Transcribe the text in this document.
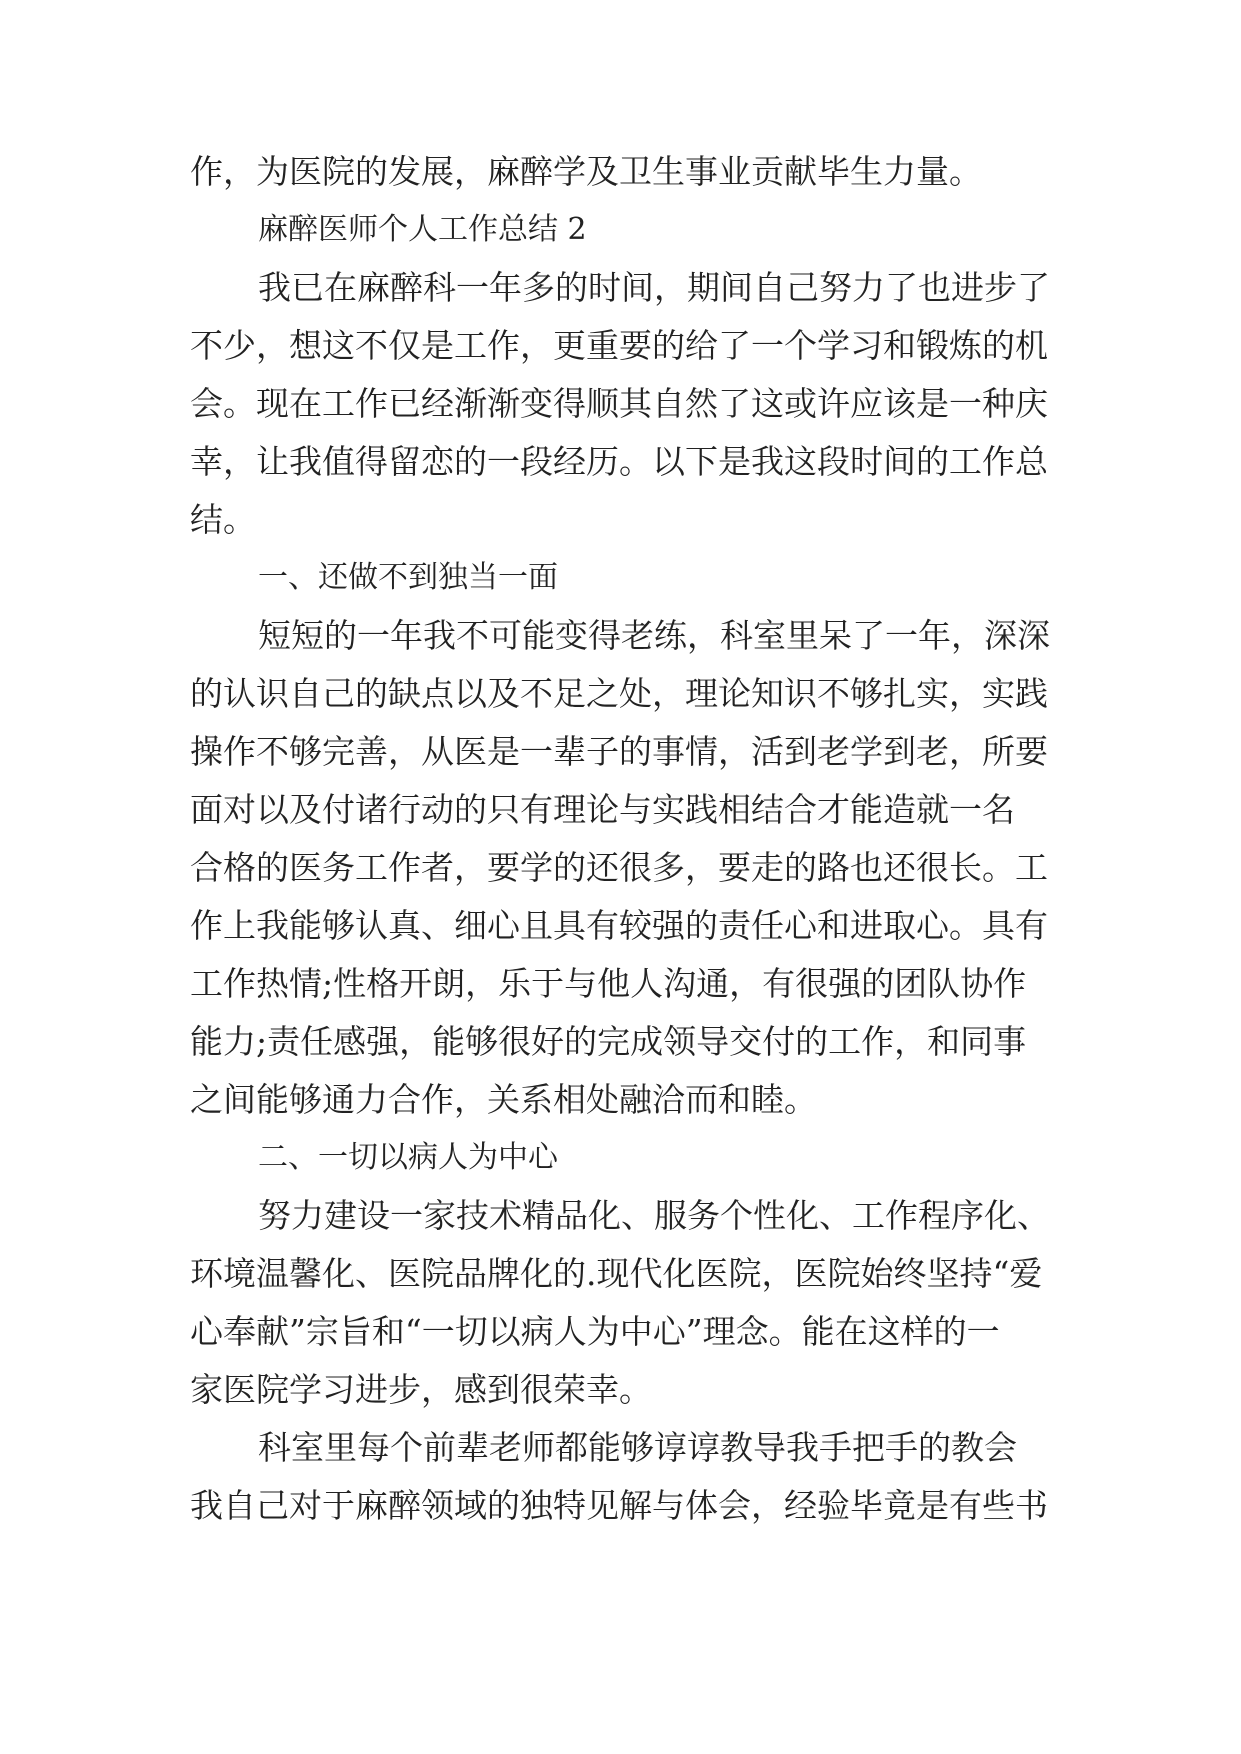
作，为医院的发展，麻醉学及卫生事业贡献毕生力量。
麻醉医师个人工作总结 2
我已在麻醉科一年多的时间，期间自己努力了也进步了
不少，想这不仅是工作，更重要的给了一个学习和锻炼的机
会。现在工作已经渐渐变得顺其自然了这或许应该是一种庆
幸，让我值得留恋的一段经历。以下是我这段时间的工作总
结。
一、还做不到独当一面
短短的一年我不可能变得老练，科室里呆了一年，深深
的认识自己的缺点以及不足之处，理论知识不够扎实，实践
操作不够完善，从医是一辈子的事情，活到老学到老，所要
面对以及付诸行动的只有理论与实践相结合才能造就一名
合格的医务工作者，要学的还很多，要走的路也还很长。工
作上我能够认真、细心且具有较强的责任心和进取心。具有
工作热情;性格开朗，乐于与他人沟通，有很强的团队协作
能力;责任感强，能够很好的完成领导交付的工作，和同事
之间能够通力合作，关系相处融洽而和睦。
二、一切以病人为中心
努力建设一家技术精品化、服务个性化、工作程序化、
环境温馨化、医院品牌化的.现代化医院，医院始终坚持“爱
心奉献”宗旨和“一切以病人为中心”理念。能在这样的一
家医院学习进步，感到很荣幸。
科室里每个前辈老师都能够谆谆教导我手把手的教会
我自己对于麻醉领域的独特见解与体会，经验毕竟是有些书
